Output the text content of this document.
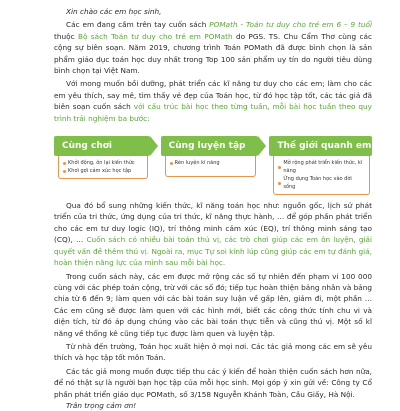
Xin chào các em học sinh,

Các em đang cầm trên tay cuốn sách POMath - Toán tư duy cho trẻ em 6 – 9 tuổi thuộc Bộ sách Toán tư duy cho trẻ em POMath do PGS. TS. Chu Cẩm Thơ cùng các cộng sự biên soạn. Năm 2019, chương trình Toán POMath đã được bình chọn là sản phẩm giáo dục toán học duy nhất trong Top 100 sản phẩm uy tín do người tiêu dùng bình chọn tại Việt Nam.

Với mong muốn bồi dưỡng, phát triển các kĩ năng tư duy cho các em; làm cho các em yêu thích, say mê, tìm thấy vẻ đẹp của Toán học, từ đó học tập tốt, các tác giả đã biên soạn cuốn sách với cấu trúc bài học theo từng tuần, mỗi bài học tuần theo quy trình trải nghiệm ba bước:

Cùng chơi
Khởi động, ôn lại kiến thức
Khơi gợi cảm xúc học tập
Cùng luyện tập
Rèn luyện kĩ năng
Thế giới quanh em
Mở rộng phát triển kiến thức, kĩ năng
Ứng dụng Toán học vào đời sống

Qua đó bổ sung những kiến thức, kĩ năng toán học như: nguồn gốc, lịch sử phát triển của tri thức, ứng dụng của tri thức, kĩ năng thực hành, … để góp phần phát triển cho các em tư duy logic (IQ), trí thông minh cảm xúc (EQ), trí thông minh sáng tạo (CQ), … Cuốn sách có nhiều bài toán thú vị, các trò chơi giúp các em ôn luyện, giải quyết vấn đề thêm thú vị. Ngoài ra, mục Tự soi kính lúp cũng giúp các em tự đánh giá, hoàn thiện năng lực của mình sau mỗi bài học.

Trong cuốn sách này, các em được mở rộng các số tự nhiên đến phạm vi 100 000 cùng với các phép toán cộng, trừ với các số đó; tiếp tục hoàn thiện bảng nhân và bảng chia từ 6 đến 9; làm quen với các bài toán suy luận về gấp lên, giảm đi, một phần … Các em cũng sẽ được làm quen với các hình mới, biết các công thức tính chu vi và diện tích, từ đó áp dụng chúng vào các bài toán thực tiễn và cũng thú vị. Một số kĩ năng về thống kê cũng tiếp tục được làm quen và luyện tập.

Từ nhà đến trường, Toán học xuất hiện ở mọi nơi. Các tác giả mong các em sẽ yêu thích và học tập tốt môn Toán.

Các tác giả mong muốn được tiếp thu các ý kiến để hoàn thiện cuốn sách hơn nữa, để nó thật sự là người bạn học tập của mỗi học sinh. Mọi góp ý xin gửi về: Công ty Cổ phần phát triển giáo dục POMath, số 3/158 Nguyễn Khánh Toàn, Cầu Giấy, Hà Nội.

Trân trọng cảm ơn!
